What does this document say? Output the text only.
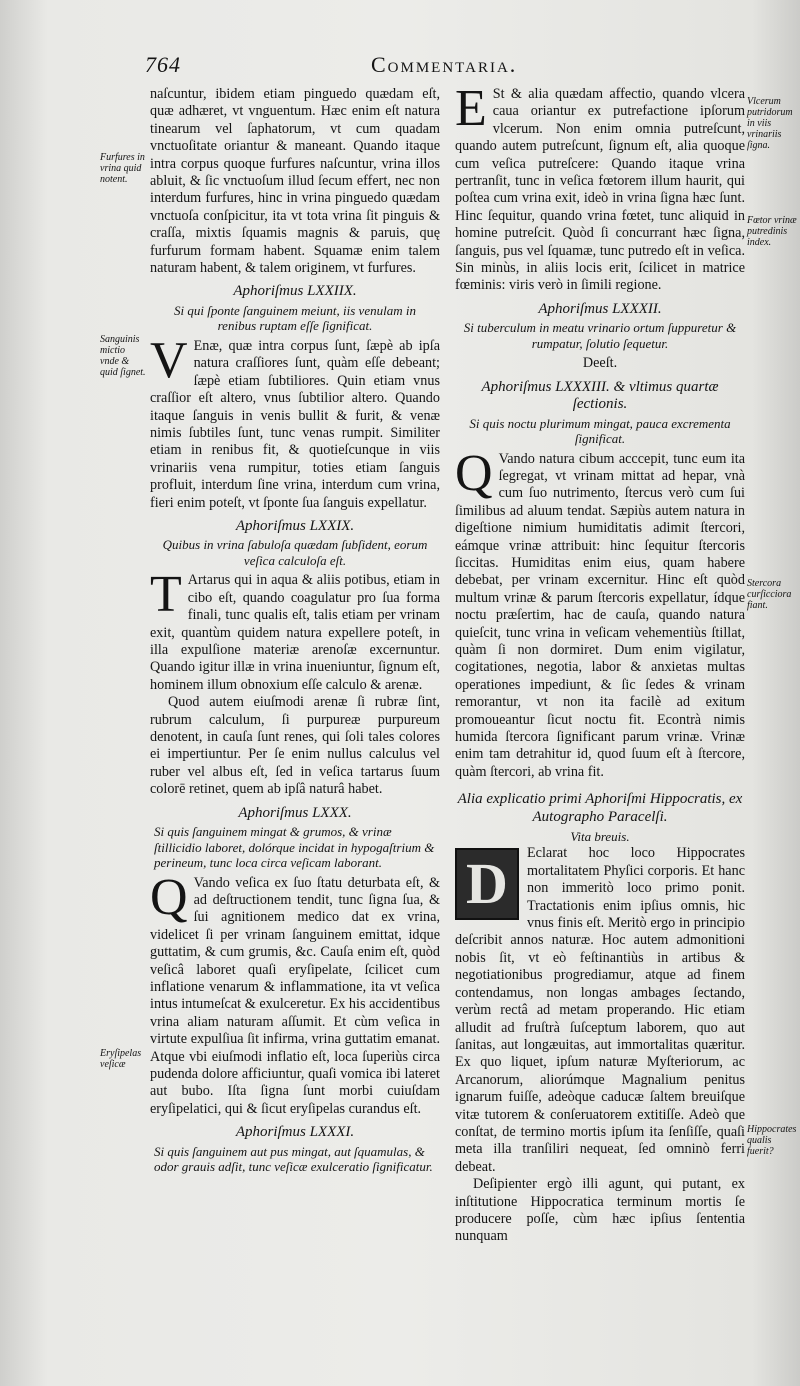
764	Commentaria.

naſcuntur, ibidem etiam pinguedo quædam eſt, quæ adhæret, vt vnguentum. Hæc enim eſt natura tinearum vel ſaphatorum, vt cum quadam vnctuoſitate oriantur & maneant. Quando itaque intra corpus quoque furfures naſcuntur, vrina illos abluit, & ſic vnctuoſum illud ſecum effert, nec non interdum furfures, hinc in vrina pinguedo quædam vnctuoſa conſpicitur, ita vt tota vrina ſit pinguis & craſſa, mixtis ſquamis magnis & paruis, quę furfurum formam habent. Squamæ enim talem naturam habent, & talem originem, vt furfures.

Aphoriſmus LXXIIX.
Si qui ſponte ſanguinem meiunt, iis venulam in renibus ruptam eſſe ſignificat.

V Enæ, quæ intra corpus ſunt, ſæpè ab ipſa natura craſſiores ſunt, quàm eſſe debeant; ſæpè etiam ſubtiliores. Quin etiam vnus craſſior eſt altero, vnus ſubtilior altero. Quando itaque ſanguis in venis bullit & furit, & venæ nimis ſubtiles ſunt, tunc venas rumpit. Similiter etiam in renibus fit, & quotieſcunque in viis vrinariis vena rumpitur, toties etiam ſanguis profluit, interdum ſine vrina, interdum cum vrina, fieri enim poteſt, vt ſponte ſua ſanguis expellatur.

Aphoriſmus LXXIX.
Quibus in vrina ſabuloſa quædam ſubſident, eorum veſica calculoſa eſt.

T Artarus qui in aqua & aliis potibus, etiam in cibo eſt, quando coagulatur pro ſua forma finali, tunc qualis eſt, talis etiam per vrinam exit, quantùm quidem natura expellere poteſt, in illa expulſione materiæ arenoſæ excernuntur. Quando igitur illæ in vrina inueniuntur, ſignum eſt, hominem illum obnoxium eſſe calculo & arenæ.

Quod autem eiuſmodi arenæ ſi rubræ ſint, rubrum calculum, ſi purpureæ purpureum denotent, in cauſa ſunt renes, qui ſoli tales colores ei impertiuntur. Per ſe enim nullus calculus vel ruber vel albus eſt, ſed in veſica tartarus ſuum colorē retinet, quem ab ipſâ naturâ habet.

Aphoriſmus LXXX.
Si quis ſanguinem mingat & grumos, & vrinæ ſtillicidio laboret, dolórque incidat in hypogaſtrium & perineum, tunc loca circa veſicam laborant.

Q Vando veſica ex ſuo ſtatu deturbata eſt, & ad deſtructionem tendit, tunc ſigna ſua, & ſui agnitionem medico dat ex vrina, videlicet ſi per vrinam ſanguinem emittat, idque guttatim, & cum grumis, &c. Cauſa enim eſt, quòd veſicâ laboret quaſi eryſipelate, ſcilicet cum inflatione venarum & inflammatione, ita vt veſica intus intumeſcat & exulceretur. Ex his accidentibus vrina aliam naturam aſſumit. Et cùm veſica in virtute expulſiua ſit infirma, vrina guttatim emanat. Atque vbi eiuſmodi inflatio eſt, loca ſuperiùs circa pudenda dolore afficiuntur, quaſi vomica ibi lateret aut bubo. Iſta ſigna ſunt morbi cuiuſdam eryſipelatici, qui & ſicut eryſipelas curandus eſt.

Aphoriſmus LXXXI.
Si quis ſanguinem aut pus mingat, aut ſquamulas, & odor grauis adſit, tunc veſicæ exulceratio ſignificatur.

E St & alia quædam affectio, quando vlcera caua oriantur ex putrefactione ipſorum vlcerum. Non enim omnia putreſcunt, quando autem putreſcunt, ſignum eſt, alia quoque cum veſica putreſcere: Quando itaque vrina pertranſit, tunc in veſica fœtorem illum haurit, qui poſtea cum vrina exit, ideò in vrina ſigna hæc ſunt. Hinc ſequitur, quando vrina fœtet, tunc aliquid in homine putreſcit. Quòd ſi concurrant hæc ſigna, ſanguis, pus vel ſquamæ, tunc putredo eſt in veſica. Sin minùs, in aliis locis erit, ſcilicet in matrice fœminis: viris verò in ſimili regione.

Aphoriſmus LXXXII.
Si tuberculum in meatu vrinario ortum ſuppuretur & rumpatur, ſolutio ſequetur.
Deeſt.
Aphoriſmus LXXXIII. & vltimus quartæ ſectionis.
Si quis noctu plurimum mingat, pauca excrementa ſignificat.

Q Vando natura cibum acccepit, tunc eum ita ſegregat, vt vrinam mittat ad hepar, vnà cum ſuo nutrimento, ſtercus verò cum ſui ſimilibus ad aluum tendat. Sæpiùs autem natura in digeſtione nimium humiditatis adimit ſtercori, eámque vrinæ attribuit: hinc ſequitur ſtercoris ſiccitas. Humiditas enim eius, quam habere debebat, per vrinam excernitur. Hinc eſt quòd multum vrinæ & parum ſtercoris expellatur, ídque noctu præſertim, hac de cauſa, quando natura quieſcit, tunc vrina in veſicam vehementiùs ſtillat, quàm ſi non dormiret. Dum enim vigilatur, cogitationes, negotia, labor & anxietas multas operationes impediunt, & ſic ſedes & vrinam remorantur, vt non ita facilè ad exitum promoueantur ſicut noctu fit. Econtrà nimis humida ſtercora ſignificant parum vrinæ. Vrinæ enim tam detrahitur id, quod ſuum eſt à ſtercore, quàm ſtercori, ab vrina fit.

Alia explicatio primi Aphoriſmi Hippocratis, ex Autographo Paracelſi.
Vita breuis.

D	Eclarat hoc loco Hippocrates mortalitatem Phyſici corporis. Et hanc non immeritò loco primo ponit. Tractationis enim ipſius omnis, hic vnus finis eſt. Meritò ergo in principio deſcribit annos naturæ. Hoc autem admonitioni nobis ſit, vt eò feſtinantiùs in artibus & negotiationibus progrediamur, atque ad finem contendamus, non longas ambages ſectando, verùm rectâ ad metam properando. Hic etiam alludit ad fruſtrà ſuſceptum laborem, quo aut ſanitas, aut longæuitas, aut immortalitas quæritur. Ex quo liquet, ipſum naturæ Myſteriorum, ac Arcanorum, aliorúmque Magnalium penitus ignarum fuiſſe, adeòque caducæ ſaltem breuiſque vitæ tutorem & conſeruatorem extitiſſe. Adeò que conſtat, de termino mortis ipſum ita ſenſiſſe, quaſi meta illa tranſiliri nequeat, ſed omninò ferri debeat.

Deſipienter ergò illi agunt, qui putant, ex inſtitutione Hippocratica terminum mortis ſe producere poſſe, cùm hæc ipſius ſententia nunquam

Furfures in vrina quid notent.
Sanguinis mictio vnde & quid ſignet.
Eryſipelas veſicæ
Vlcerum putridorum in viis vrinariis ſigna.
Fœtor vrinæ putredinis index.
Stercora curſicciora fiant.
Hippocrates qualis fuerit?
